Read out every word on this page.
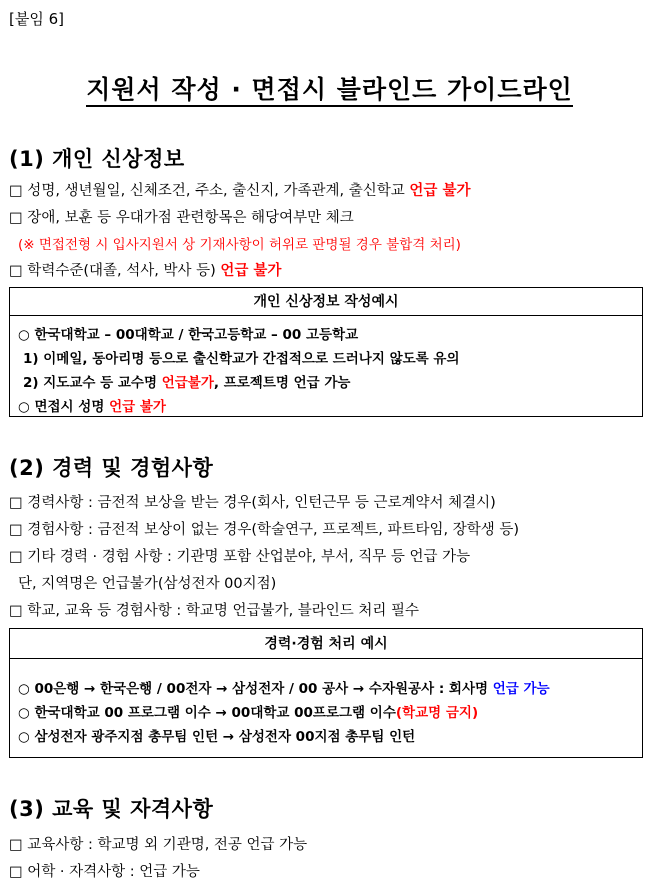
[붙임 6]
지원서 작성 · 면접시 블라인드 가이드라인
(1) 개인 신상정보
□ 성명, 생년월일, 신체조건, 주소, 출신지, 가족관계, 출신학교 언급 불가
□ 장애, 보훈 등 우대가점 관련항목은 해당여부만 체크
(※ 면접전형 시 입사지원서 상 기재사항이 허위로 판명될 경우 불합격 처리)
□ 학력수준(대졸, 석사, 박사 등) 언급 불가
개인 신상정보 작성예시
○ 한국대학교 – 00대학교 / 한국고등학교 – 00 고등학교
1) 이메일, 동아리명 등으로 출신학교가 간접적으로 드러나지 않도록 유의
2) 지도교수 등 교수명 언급불가, 프로젝트명 언급 가능
○ 면접시 성명 언급 불가
(2) 경력 및 경험사항
□ 경력사항 : 금전적 보상을 받는 경우(회사, 인턴근무 등 근로계약서 체결시)
□ 경험사항 : 금전적 보상이 없는 경우(학술연구, 프로젝트, 파트타임, 장학생 등)
□ 기타 경력 · 경험 사항 : 기관명 포함 산업분야, 부서, 직무 등 언급 가능
단, 지역명은 언급불가(삼성전자 00지점)
□ 학교, 교육 등 경험사항 : 학교명 언급불가, 블라인드 처리 필수
경력·경험 처리 예시
○ 00은행 → 한국은행 / 00전자 → 삼성전자 / 00 공사 → 수자원공사 : 회사명 언급 가능
○ 한국대학교 00 프로그램 이수 → 00대학교 00프로그램 이수(학교명 금지)
○ 삼성전자 광주지점 총무팀 인턴 → 삼성전자 00지점 총무팀 인턴
(3) 교육 및 자격사항
□ 교육사항 : 학교명 외 기관명, 전공 언급 가능
□ 어학 · 자격사항 : 언급 가능
